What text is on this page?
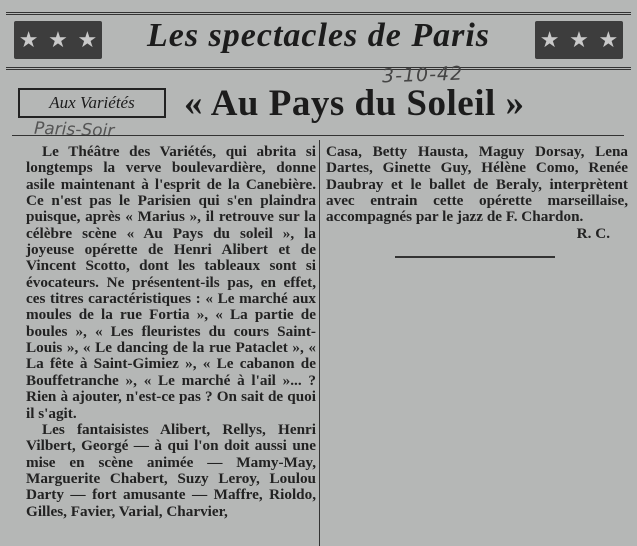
★ ★ ★	Les spectacles de Paris	★ ★ ★
3-10-42
Aux Variétés	« Au Pays du Soleil »
Paris-Soir

Le Théâtre des Variétés, qui abrita si longtemps la verve boulevardière, donne asile maintenant à l'esprit de la Canebière. Ce n'est pas le Parisien qui s'en plaindra puisque, après « Marius », il retrouve sur la célèbre scène « Au Pays du soleil », la joyeuse opérette de Henri Alibert et de Vincent Scotto, dont les tableaux sont si évocateurs. Ne présentent-ils pas, en effet, ces titres caractéristiques : « Le marché aux moules de la rue Fortia », « La partie de boules », « Les fleuristes du cours Saint-Louis », « Le dancing de la rue Pataclet », « La fête à Saint-Gimiez », « Le cabanon de Bouffetranche », « Le marché à l'ail »... ? Rien à ajouter, n'est-ce pas ? On sait de quoi il s'agit.

Les fantaisistes Alibert, Rellys, Henri Vilbert, Georgé — à qui l'on doit aussi une mise en scène animée — Mamy-May, Marguerite Chabert, Suzy Leroy, Loulou Darty — fort amusante — Maffre, Rioldo, Gilles, Favier, Varial, Charvier,

Casa, Betty Hausta, Maguy Dorsay, Lena Dartes, Ginette Guy, Hélène Como, Renée Daubray et le ballet de Beraly, interprètent avec entrain cette opérette marseillaise, accompagnés par le jazz de F. Chardon.

R. C.
